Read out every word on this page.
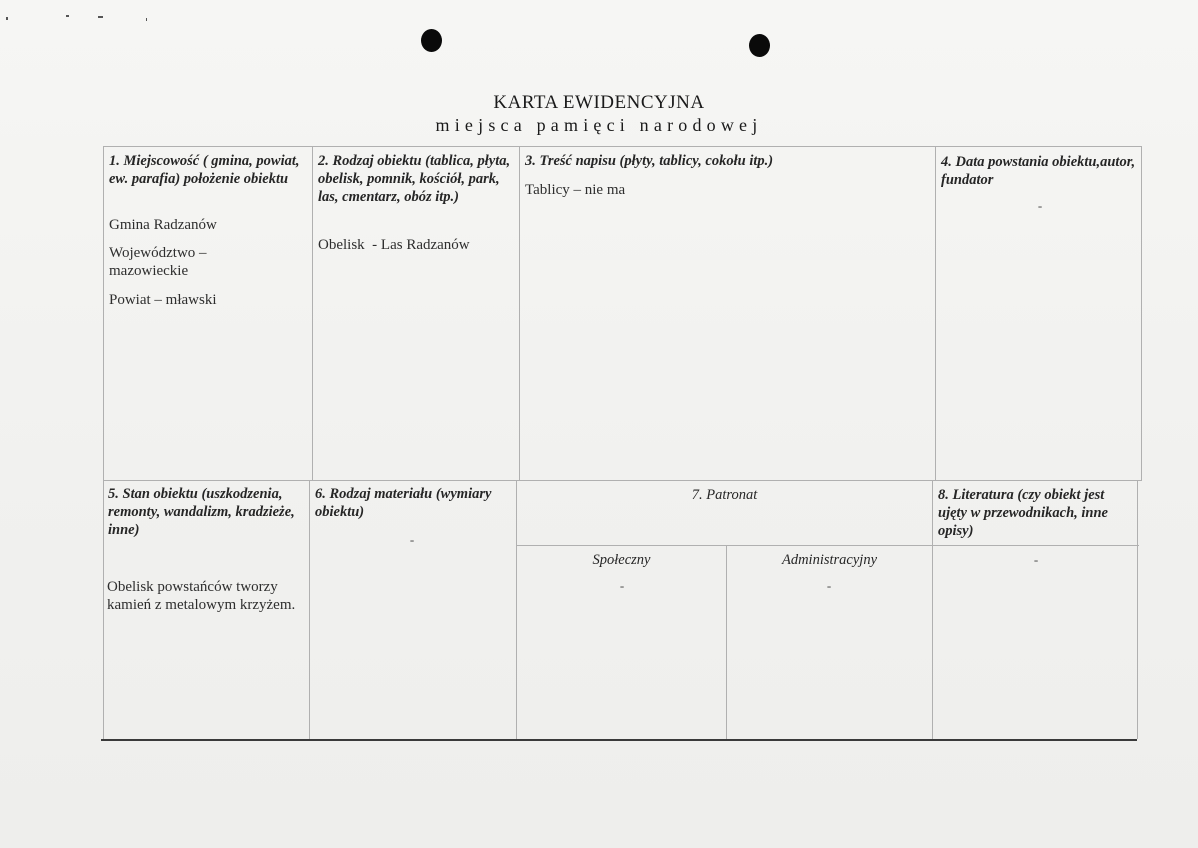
KARTA EWIDENCYJNA
miejsca pamięci narodowej
1. Miejscowość ( gmina, powiat, ew. parafia) położenie obiektu
Gmina Radzanów
Województwo – mazowieckie
Powiat – mławski
2. Rodzaj obiektu (tablica, płyta, obelisk, pomnik, kościół, park, las, cmentarz, obóz itp.)
Obelisk  - Las Radzanów
3. Treść napisu (płyty, tablicy, cokołu itp.)
Tablicy – nie ma
4. Data powstania obiektu,autor, fundator
-
5. Stan obiektu (uszkodzenia, remonty, wandalizm, kradzieże, inne)
Obelisk powstańców tworzy kamień z metalowym krzyżem.
6. Rodzaj materiału (wymiary obiektu)
-
7. Patronat
Społeczny
-
Administracyjny
-
8. Literatura (czy obiekt jest ujęty w przewodnikach, inne opisy)
-
